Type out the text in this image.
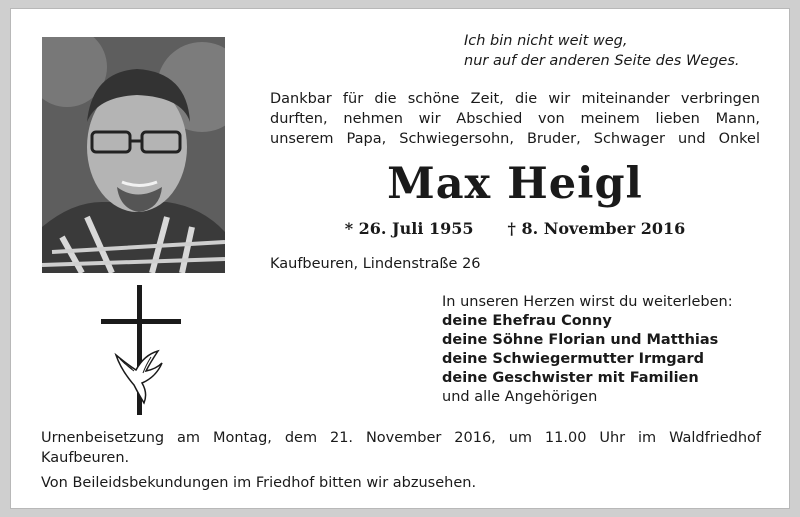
Ich bin nicht weit weg,
nur auf der anderen Seite des Weges.
Dankbar für die schöne Zeit, die wir miteinander verbringen
durften, nehmen wir Abschied von meinem lieben Mann,
unserem Papa, Schwiegersohn, Bruder, Schwager und Onkel
Max Heigl
* 26. Juli 1955 † 8. November 2016
Kaufbeuren, Lindenstraße 26
In unseren Herzen wirst du weiterleben:
deine Ehefrau Conny
deine Söhne Florian und Matthias
deine Schwiegermutter Irmgard
deine Geschwister mit Familien
und alle Angehörigen
Urnenbeisetzung am Montag, dem 21. November 2016, um 11.00 Uhr im Waldfriedhof
Kaufbeuren.
Von Beileidsbekundungen im Friedhof bitten wir abzusehen.
